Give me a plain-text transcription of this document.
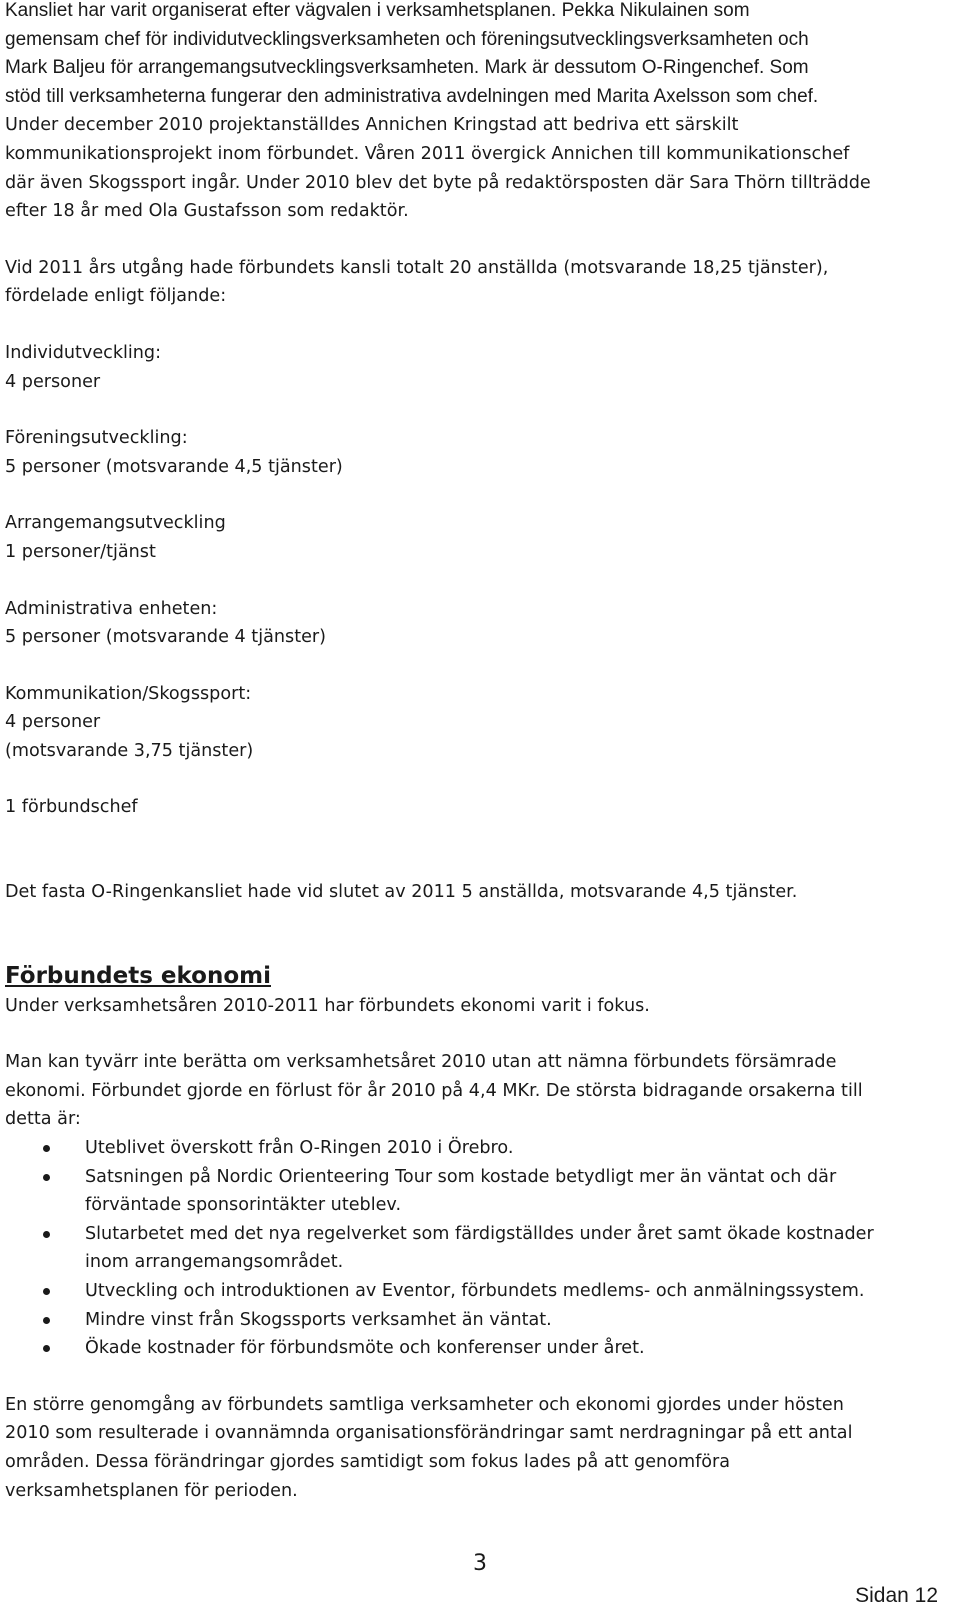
Kansliet har varit organiserat efter vägvalen i verksamhetsplanen. Pekka Nikulainen som
gemensam chef för individutvecklingsverksamheten och föreningsutvecklingsverksamheten och
Mark Baljeu för arrangemangsutvecklingsverksamheten. Mark är dessutom O-Ringenchef. Som
stöd till verksamheterna fungerar den administrativa avdelningen med Marita Axelsson som chef.
Under december 2010 projektanställdes Annichen Kringstad att bedriva ett särskilt
kommunikationsprojekt inom förbundet. Våren 2011 övergick Annichen till kommunikationschef
där även Skogssport ingår. Under 2010 blev det byte på redaktörsposten där Sara Thörn tillträdde
efter 18 år med Ola Gustafsson som redaktör.

Vid 2011 års utgång hade förbundets kansli totalt 20 anställda (motsvarande 18,25 tjänster),
fördelade enligt följande:

Individutveckling:
4 personer

Föreningsutveckling:
5 personer (motsvarande 4,5 tjänster)

Arrangemangsutveckling
1 personer/tjänst

Administrativa enheten:
5 personer (motsvarande 4 tjänster)

Kommunikation/Skogssport:
4 personer
(motsvarande 3,75 tjänster)

1 förbundschef

Det fasta O-Ringenkansliet hade vid slutet av 2011 5 anställda, motsvarande 4,5 tjänster.

Förbundets ekonomi

Under verksamhetsåren 2010-2011 har förbundets ekonomi varit i fokus.

Man kan tyvärr inte berätta om verksamhetsåret 2010 utan att nämna förbundets försämrade
ekonomi. Förbundet gjorde en förlust för år 2010 på 4,4 MKr. De största bidragande orsakerna till
detta är:

Uteblivet överskott från O-Ringen 2010 i Örebro.
Satsningen på Nordic Orienteering Tour som kostade betydligt mer än väntat och där
förväntade sponsorintäkter uteblev.
Slutarbetet med det nya regelverket som färdigställdes under året samt ökade kostnader
inom arrangemangsområdet.
Utveckling och introduktionen av Eventor, förbundets medlems- och anmälningssystem.
Mindre vinst från Skogssports verksamhet än väntat.
Ökade kostnader för förbundsmöte och konferenser under året.

En större genomgång av förbundets samtliga verksamheter och ekonomi gjordes under hösten
2010 som resulterade i ovannämnda organisationsförändringar samt nerdragningar på ett antal
områden. Dessa förändringar gjordes samtidigt som fokus lades på att genomföra
verksamhetsplanen för perioden.

3
Sidan 12
